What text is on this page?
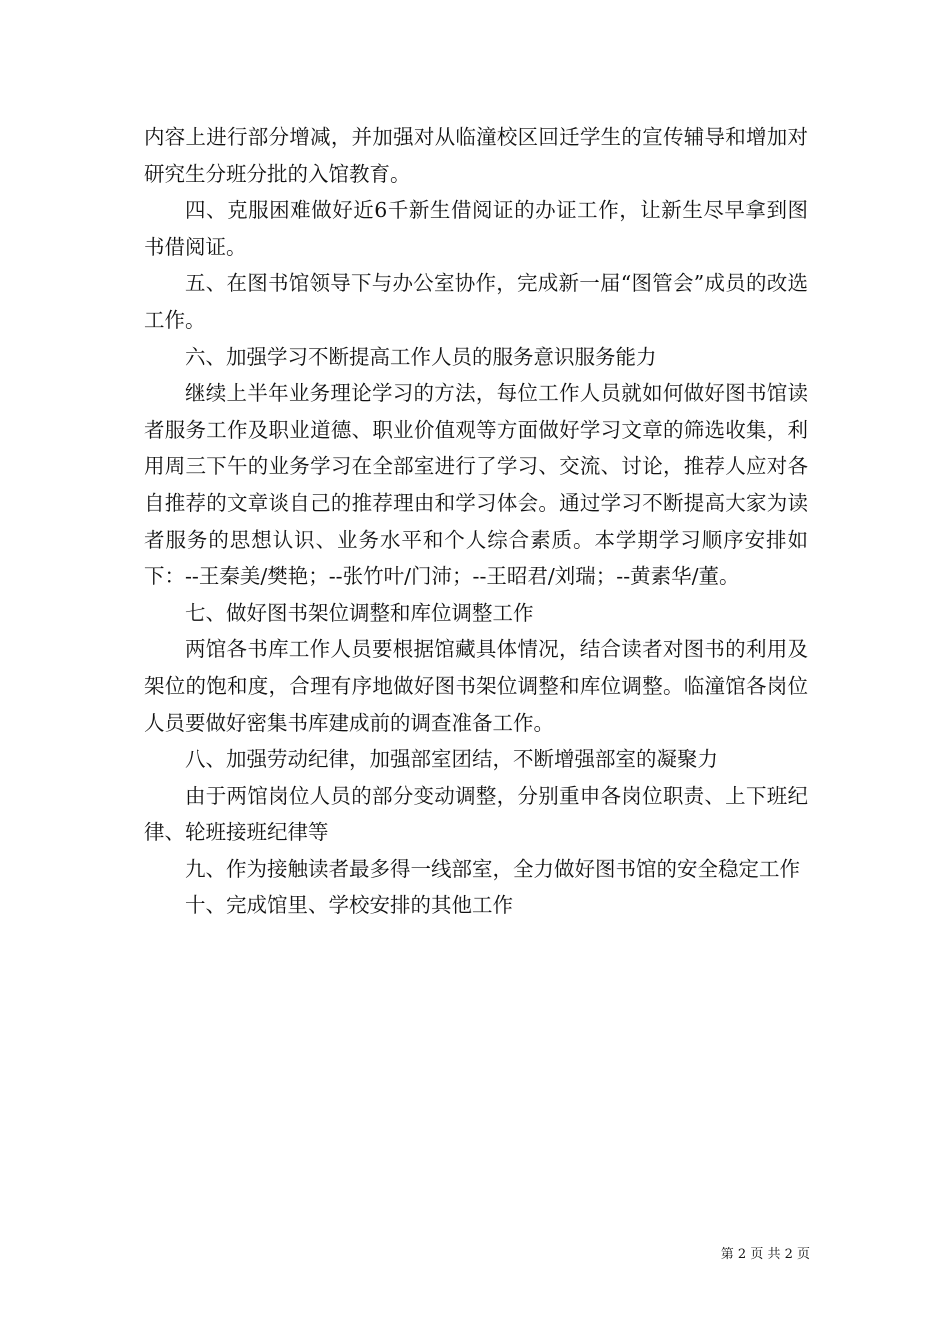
内容上进行部分增减，并加强对从临潼校区回迁学生的宣传辅导和增加对研究生分班分批的入馆教育。

四、克服困难做好近6千新生借阅证的办证工作，让新生尽早拿到图书借阅证。

五、在图书馆领导下与办公室协作，完成新一届“图管会”成员的改选工作。

六、加强学习不断提高工作人员的服务意识服务能力

继续上半年业务理论学习的方法，每位工作人员就如何做好图书馆读者服务工作及职业道德、职业价值观等方面做好学习文章的筛选收集，利用周三下午的业务学习在全部室进行了学习、交流、讨论，推荐人应对各自推荐的文章谈自己的推荐理由和学习体会。通过学习不断提高大家为读者服务的思想认识、业务水平和个人综合素质。本学期学习顺序安排如下：--王秦美/樊艳；--张竹叶/门沛；--王昭君/刘瑞；--黄素华/董。

七、做好图书架位调整和库位调整工作

两馆各书库工作人员要根据馆藏具体情况，结合读者对图书的利用及架位的饱和度，合理有序地做好图书架位调整和库位调整。临潼馆各岗位人员要做好密集书库建成前的调查准备工作。

八、加强劳动纪律，加强部室团结，不断增强部室的凝聚力

由于两馆岗位人员的部分变动调整，分别重申各岗位职责、上下班纪律、轮班接班纪律等

九、作为接触读者最多得一线部室，全力做好图书馆的安全稳定工作

十、完成馆里、学校安排的其他工作

第 2 页 共 2 页
